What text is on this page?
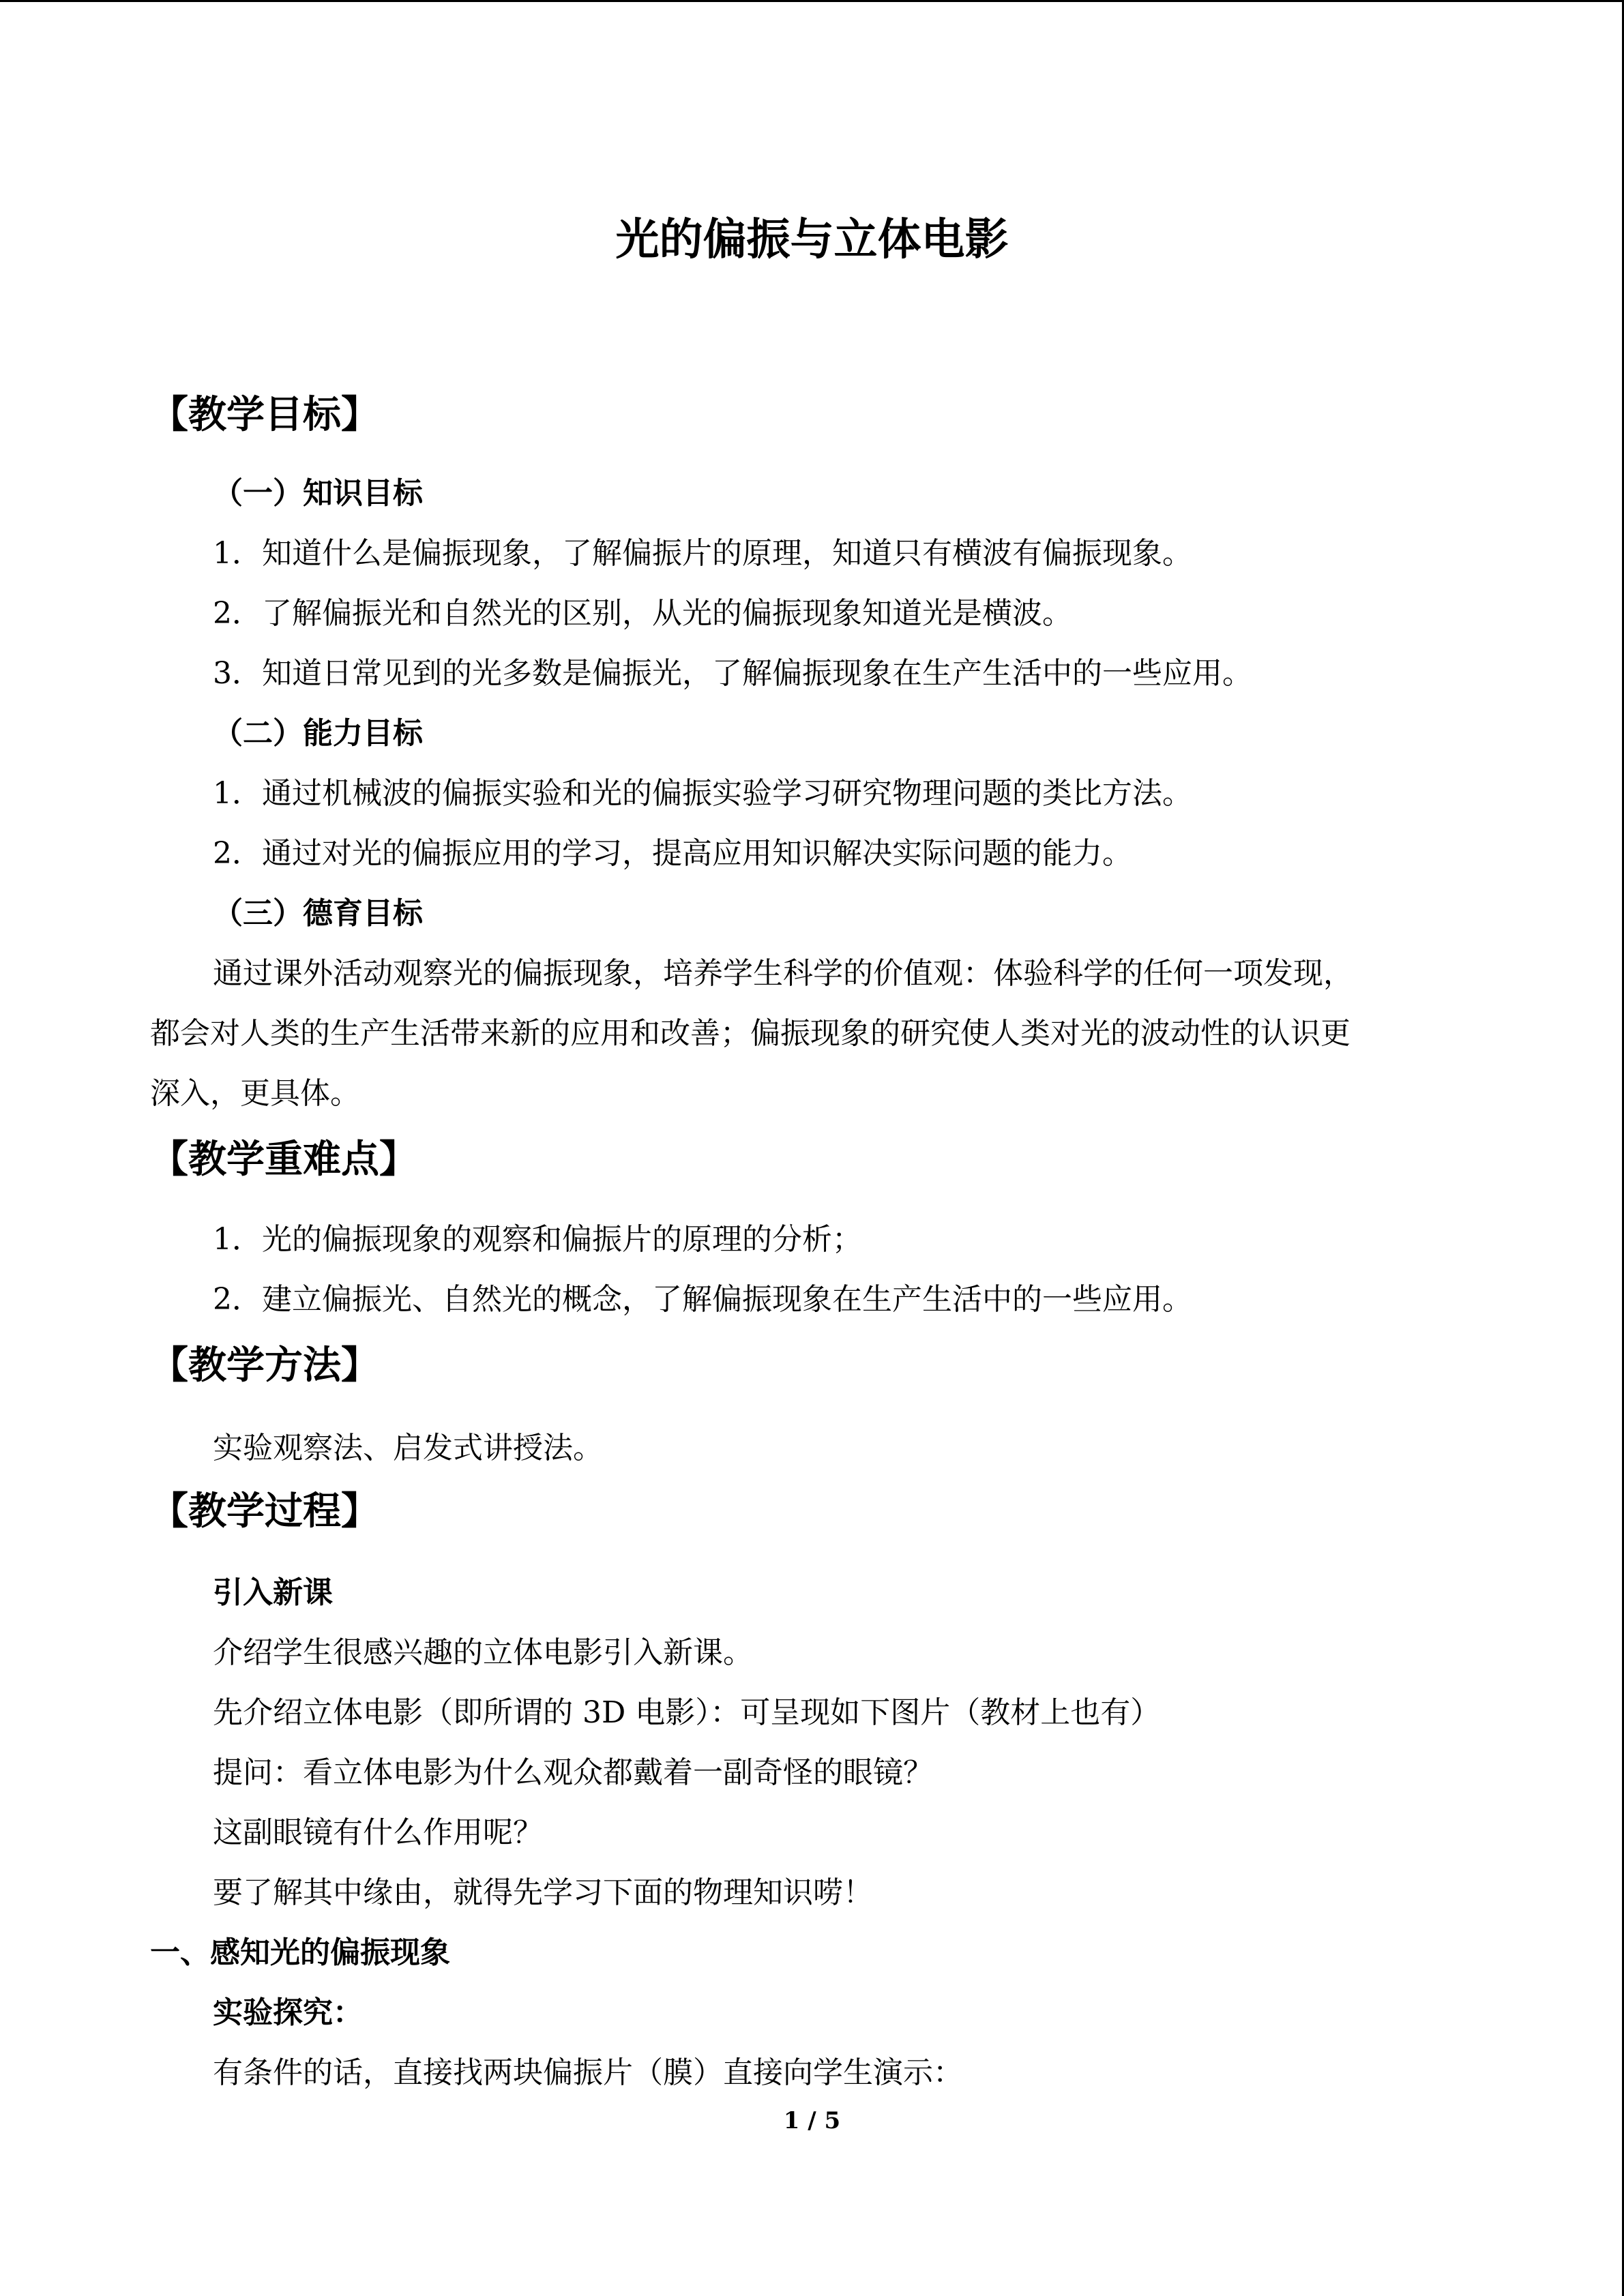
光的偏振与立体电影
【教学目标】
（一）知识目标
1．知道什么是偏振现象，了解偏振片的原理，知道只有横波有偏振现象。
2．了解偏振光和自然光的区别，从光的偏振现象知道光是横波。
3．知道日常见到的光多数是偏振光，了解偏振现象在生产生活中的一些应用。
（二）能力目标
1．通过机械波的偏振实验和光的偏振实验学习研究物理问题的类比方法。
2．通过对光的偏振应用的学习，提高应用知识解决实际问题的能力。
（三）德育目标
通过课外活动观察光的偏振现象，培养学生科学的价值观：体验科学的任何一项发现，
都会对人类的生产生活带来新的应用和改善；偏振现象的研究使人类对光的波动性的认识更
深入，更具体。
【教学重难点】
1．光的偏振现象的观察和偏振片的原理的分析；
2．建立偏振光、自然光的概念，了解偏振现象在生产生活中的一些应用。
【教学方法】
实验观察法、启发式讲授法。
【教学过程】
引入新课
介绍学生很感兴趣的立体电影引入新课。
先介绍立体电影（即所谓的 3D 电影）：可呈现如下图片（教材上也有）
提问：看立体电影为什么观众都戴着一副奇怪的眼镜？
这副眼镜有什么作用呢？
要了解其中缘由，就得先学习下面的物理知识唠！
一、感知光的偏振现象
实验探究：
有条件的话，直接找两块偏振片（膜）直接向学生演示：
1 / 5
